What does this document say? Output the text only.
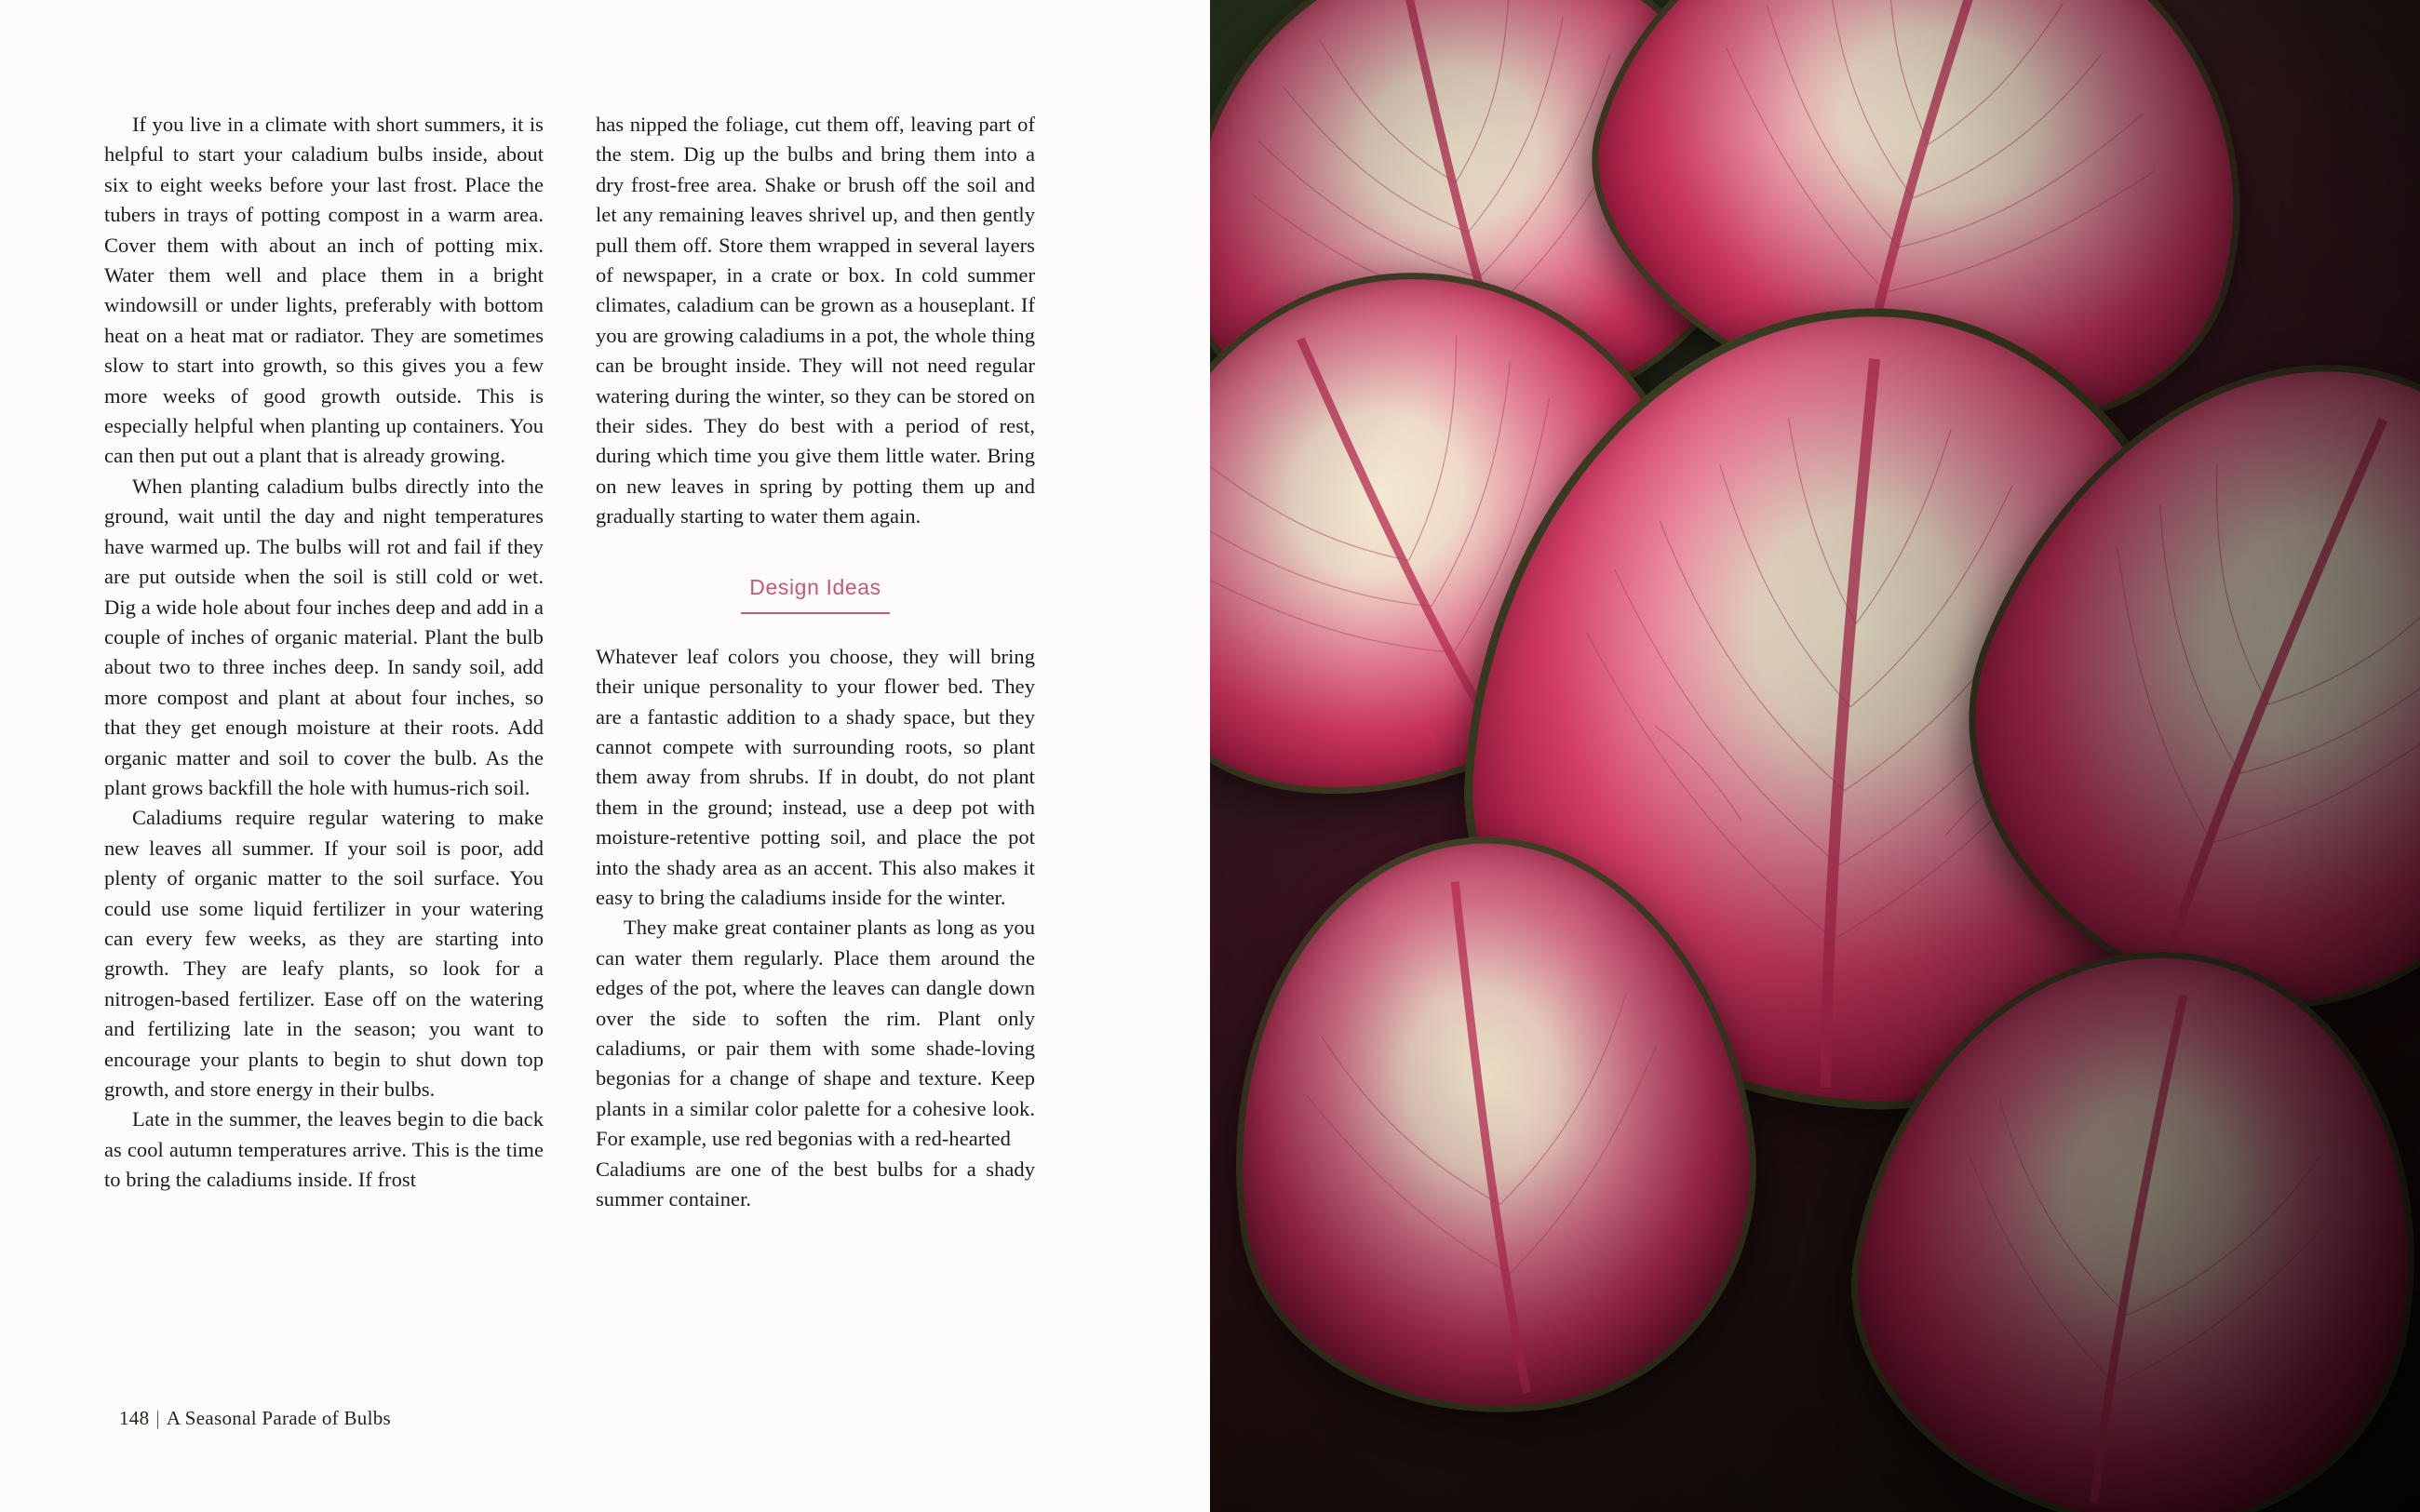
If you live in a climate with short summers, it is helpful to start your caladium bulbs inside, about six to eight weeks before your last frost. Place the tubers in trays of potting compost in a warm area. Cover them with about an inch of potting mix. Water them well and place them in a bright windowsill or under lights, preferably with bottom heat on a heat mat or radiator. They are sometimes slow to start into growth, so this gives you a few more weeks of good growth outside. This is especially helpful when planting up containers. You can then put out a plant that is already growing.

When planting caladium bulbs directly into the ground, wait until the day and night temperatures have warmed up. The bulbs will rot and fail if they are put outside when the soil is still cold or wet. Dig a wide hole about four inches deep and add in a couple of inches of organic material. Plant the bulb about two to three inches deep. In sandy soil, add more compost and plant at about four inches, so that they get enough moisture at their roots. Add organic matter and soil to cover the bulb. As the plant grows backfill the hole with humus-rich soil.

Caladiums require regular watering to make new leaves all summer. If your soil is poor, add plenty of organic matter to the soil surface. You could use some liquid fertilizer in your watering can every few weeks, as they are starting into growth. They are leafy plants, so look for a nitrogen-based fertilizer. Ease off on the watering and fertilizing late in the season; you want to encourage your plants to begin to shut down top growth, and store energy in their bulbs.

Late in the summer, the leaves begin to die back as cool autumn temperatures arrive. This is the time to bring the caladiums inside. If frost

has nipped the foliage, cut them off, leaving part of the stem. Dig up the bulbs and bring them into a dry frost-free area. Shake or brush off the soil and let any remaining leaves shrivel up, and then gently pull them off. Store them wrapped in several layers of newspaper, in a crate or box. In cold summer climates, caladium can be grown as a houseplant. If you are growing caladiums in a pot, the whole thing can be brought inside. They will not need regular watering during the winter, so they can be stored on their sides. They do best with a period of rest, during which time you give them little water. Bring on new leaves in spring by potting them up and gradually starting to water them again.

Design Ideas

Whatever leaf colors you choose, they will bring their unique personality to your flower bed. They are a fantastic addition to a shady space, but they cannot compete with surrounding roots, so plant them away from shrubs. If in doubt, do not plant them in the ground; instead, use a deep pot with moisture-retentive potting soil, and place the pot into the shady area as an accent. This also makes it easy to bring the caladiums inside for the winter.

They make great container plants as long as you can water them regularly. Place them around the edges of the pot, where the leaves can dangle down over the side to soften the rim. Plant only caladiums, or pair them with some shade-loving begonias for a change of shape and texture. Keep plants in a similar color palette for a cohesive look. For example, use red begonias with a red-hearted

Caladiums are one of the best bulbs for a shady summer container.

148 | A Seasonal Parade of Bulbs
